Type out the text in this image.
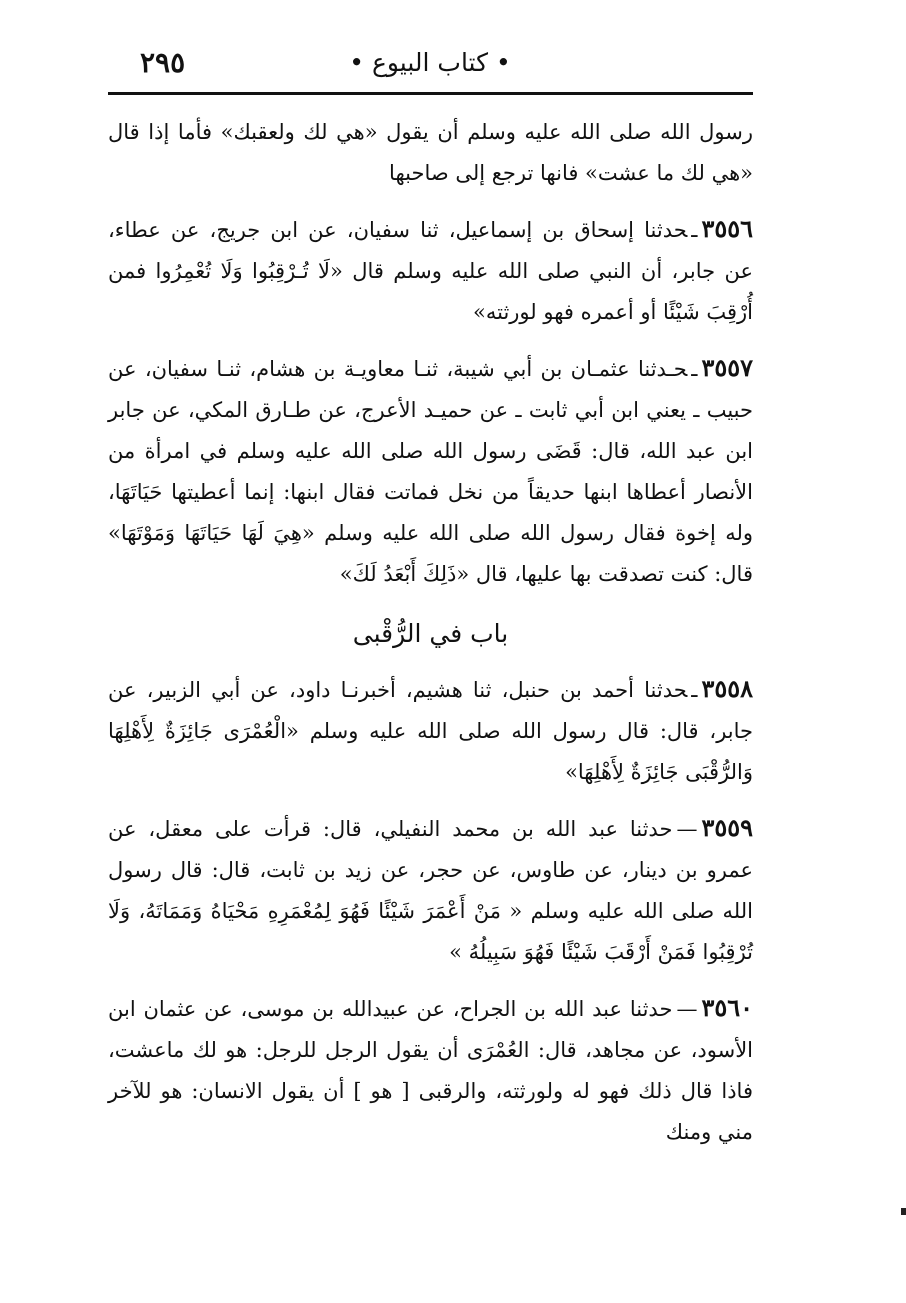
• كتاب البيوع •
٢٩٥

رسول الله صلى الله عليه وسلم أن يقول «هي لك ولعقبك» فأما إذا قال «هي لك ما عشت» فانها ترجع إلى صاحبها

٣٥٥٦ـحدثنا إسحاق بن إسماعيل، ثنا سفيان، عن ابن جريج، عن عطاء، عن جابر، أن النبي صلى الله عليه وسلم قال «لَا تُـرْقِبُوا وَلَا تُعْمِرُوا فمن أُرْقِبَ شَيْئًا أو أعمره فهو لورثته»

٣٥٥٧ـحـدثنا عثمـان بن أبي شيبة، ثنـا معاويـة بن هشام، ثنـا سفيان، عن حبيب ـ يعني ابن أبي ثابت ـ عن حميـد الأعرج، عن طـارق المكي، عن جابر ابن عبد الله، قال: قَضَى رسول الله صلى الله عليه وسلم في امرأة من الأنصار أعطاها ابنها حديقاً من نخل فماتت فقال ابنها: إنما أعطيتها حَيَاتَهَا، وله إخوة فقال رسول الله صلى الله عليه وسلم «هِيَ لَهَا حَيَاتَهَا وَمَوْتَهَا» قال: كنت تصدقت بها عليها، قال «ذَلِكَ أَبْعَدُ لَكَ»

باب في الرُّقْبى

٣٥٥٨ـحدثنا أحمد بن حنبل، ثنا هشيم، أخبرنـا داود، عن أبي الزبير، عن جابر، قال: قال رسول الله صلى الله عليه وسلم «الْعُمْرَى جَائِزَةٌ لِأَهْلِهَا وَالرُّقْبَى جَائِزَةٌ لِأَهْلِهَا»

٣٥٥٩—حدثنا عبد الله بن محمد النفيلي، قال: قرأت على معقل، عن عمرو بن دينار، عن طاوس، عن حجر، عن زيد بن ثابت، قال: قال رسول الله صلى الله عليه وسلم « مَنْ أَعْمَرَ شَيْئًا فَهُوَ لِمُعْمَرِهِ مَحْيَاهُ وَمَمَاتَهُ، وَلَا تُرْقِبُوا فَمَنْ أَرْقَبَ شَيْئًا فَهُوَ سَبِيلُهُ »

٣٥٦٠—حدثنا عبد الله بن الجراح، عن عبيدالله بن موسى، عن عثمان ابن الأسود، عن مجاهد، قال: العُمْرَى أن يقول الرجل للرجل: هو لك ماعشت، فاذا قال ذلك فهو له ولورثته، والرقبى [ هو ] أن يقول الانسان: هو للآخر مني ومنك
